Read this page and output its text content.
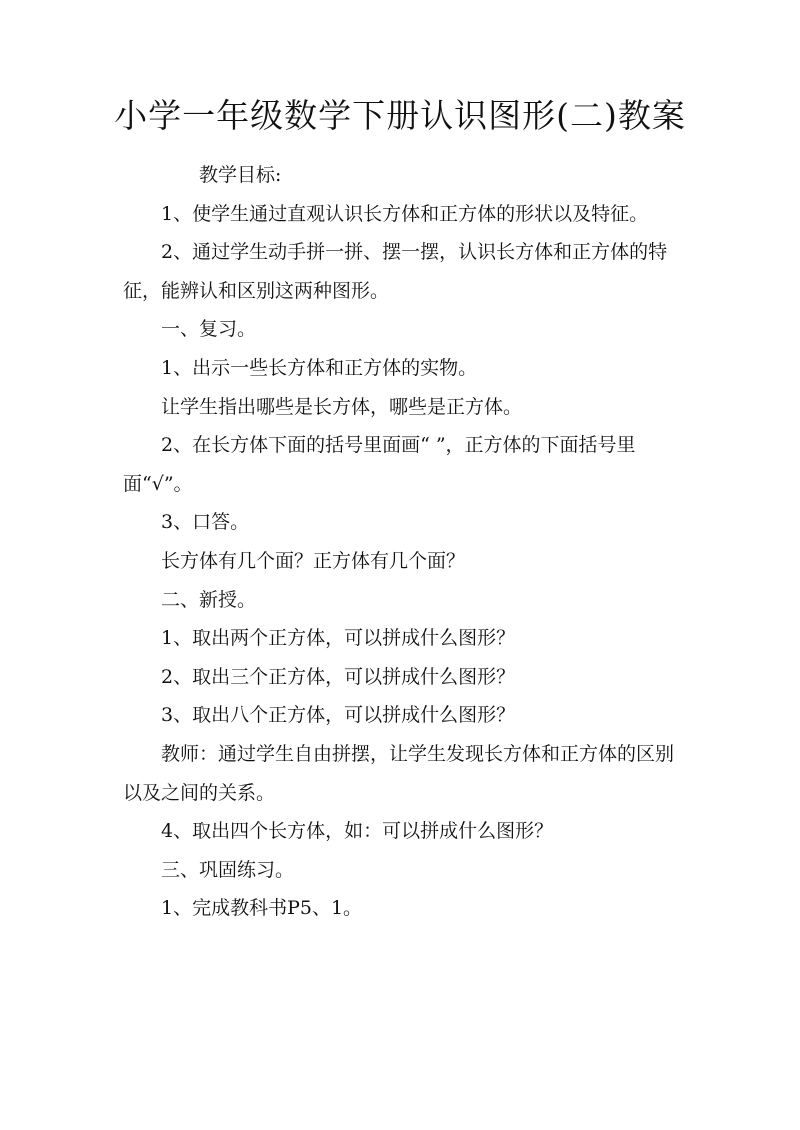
小学一年级数学下册认识图形(二)教案

教学目标:

1、使学生通过直观认识长方体和正方体的形状以及特征。

2、通过学生动手拼一拼、摆一摆，认识长方体和正方体的特征，能辨认和区别这两种图形。

一、复习。

1、出示一些长方体和正方体的实物。

让学生指出哪些是长方体，哪些是正方体。

2、在长方体下面的括号里面画“ ”，正方体的下面括号里面“√”。

3、口答。

长方体有几个面？正方体有几个面？

二、新授。

1、取出两个正方体，可以拼成什么图形？

2、取出三个正方体，可以拼成什么图形？

3、取出八个正方体，可以拼成什么图形？

教师：通过学生自由拼摆，让学生发现长方体和正方体的区别以及之间的关系。

4、取出四个长方体，如：可以拼成什么图形？

三、巩固练习。

1、完成教科书P5、1。
